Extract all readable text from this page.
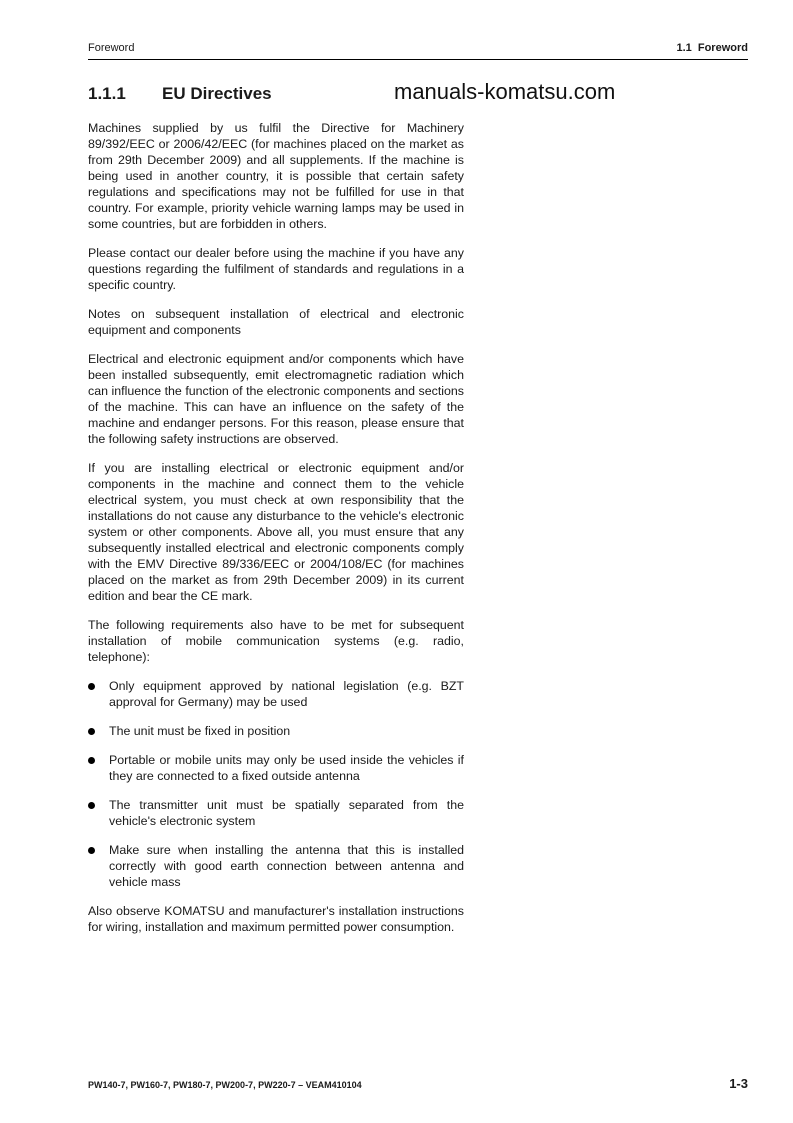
Foreword	1.1  Foreword
1.1.1 EU Directives	manuals-komatsu.com

Machines supplied by us fulfil the Directive for Machinery 89/392/EEC or 2006/42/EEC (for machines placed on the market as from 29th December 2009) and all supplements. If the machine is being used in another country, it is possible that certain safety regulations and specifications may not be fulfilled for use in that country. For example, priority vehicle warning lamps may be used in some countries, but are forbidden in others.

Please contact our dealer before using the machine if you have any questions regarding the fulfilment of standards and regulations in a specific country.

Notes on subsequent installation of electrical and electronic equipment and components

Electrical and electronic equipment and/or components which have been installed subsequently, emit electromagnetic radiation which can influence the function of the electronic components and sections of the machine. This can have an influence on the safety of the machine and endanger persons. For this reason, please ensure that the following safety instructions are observed.

If you are installing electrical or electronic equipment and/or components in the machine and connect them to the vehicle electrical system, you must check at own responsibility that the installations do not cause any disturbance to the vehicle's electronic system or other components. Above all, you must ensure that any subsequently installed electrical and electronic components comply with the EMV Directive 89/336/EEC or 2004/108/EC (for machines placed on the market as from 29th December 2009) in its current edition and bear the CE mark.

The following requirements also have to be met for subsequent installation of mobile communication systems (e.g. radio, telephone):

Only equipment approved by national legislation (e.g. BZT approval for Germany) may be used
The unit must be fixed in position
Portable or mobile units may only be used inside the vehicles if they are connected to a fixed outside antenna
The transmitter unit must be spatially separated from the vehicle's electronic system
Make sure when installing the antenna that this is installed correctly with good earth connection between antenna and vehicle mass

Also observe KOMATSU and manufacturer's installation instructions for wiring, installation and maximum permitted power consumption.

PW140-7, PW160-7, PW180-7, PW200-7, PW220-7 – VEAM410104	1-3
